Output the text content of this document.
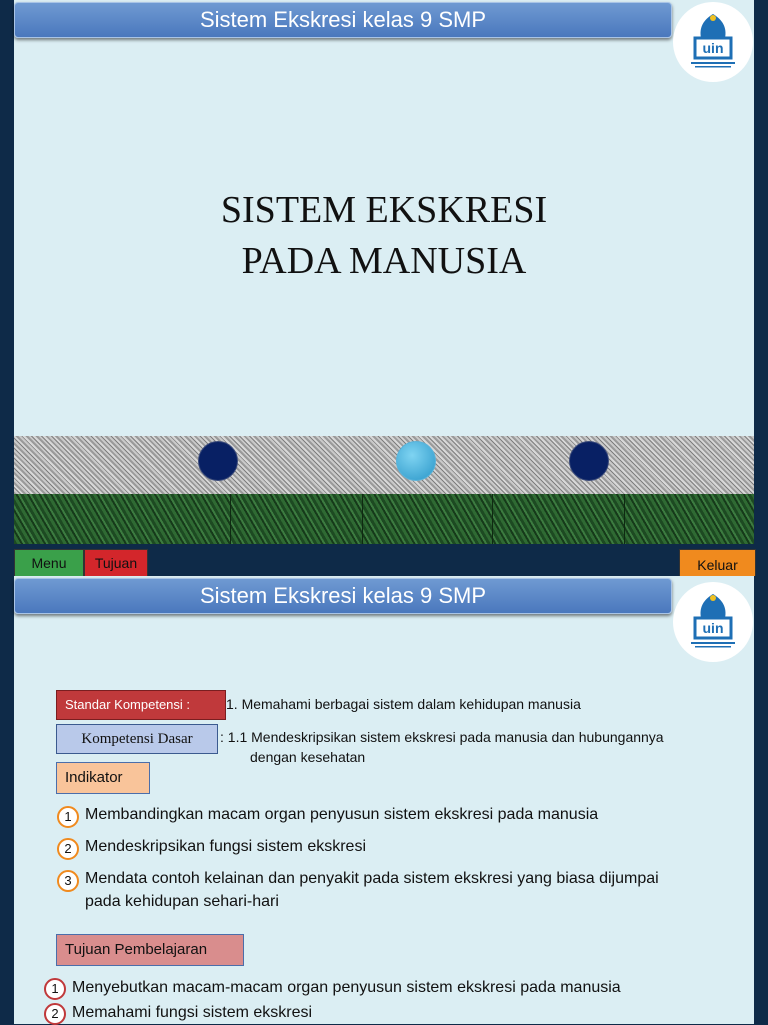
Sistem Ekskresi kelas 9 SMP
uin
SISTEM EKSKRESI
PADA MANUSIA
Menu	Tujuan	Keluar
Sistem Ekskresi kelas 9 SMP
uin
Standar Kompetensi :	1. Memahami berbagai sistem dalam kehidupan manusia
Kompetensi Dasar	: 1.1 Mendeskripsikan sistem ekskresi pada manusia dan hubungannya
dengan kesehatan
Indikator
1 Membandingkan macam organ penyusun sistem ekskresi pada manusia
2 Mendeskripsikan fungsi sistem ekskresi
3 Mendata contoh kelainan dan penyakit pada sistem ekskresi yang biasa dijumpai
pada kehidupan sehari-hari
Tujuan Pembelajaran
1 Menyebutkan macam-macam organ penyusun sistem ekskresi pada manusia
2 Memahami fungsi sistem ekskresi
